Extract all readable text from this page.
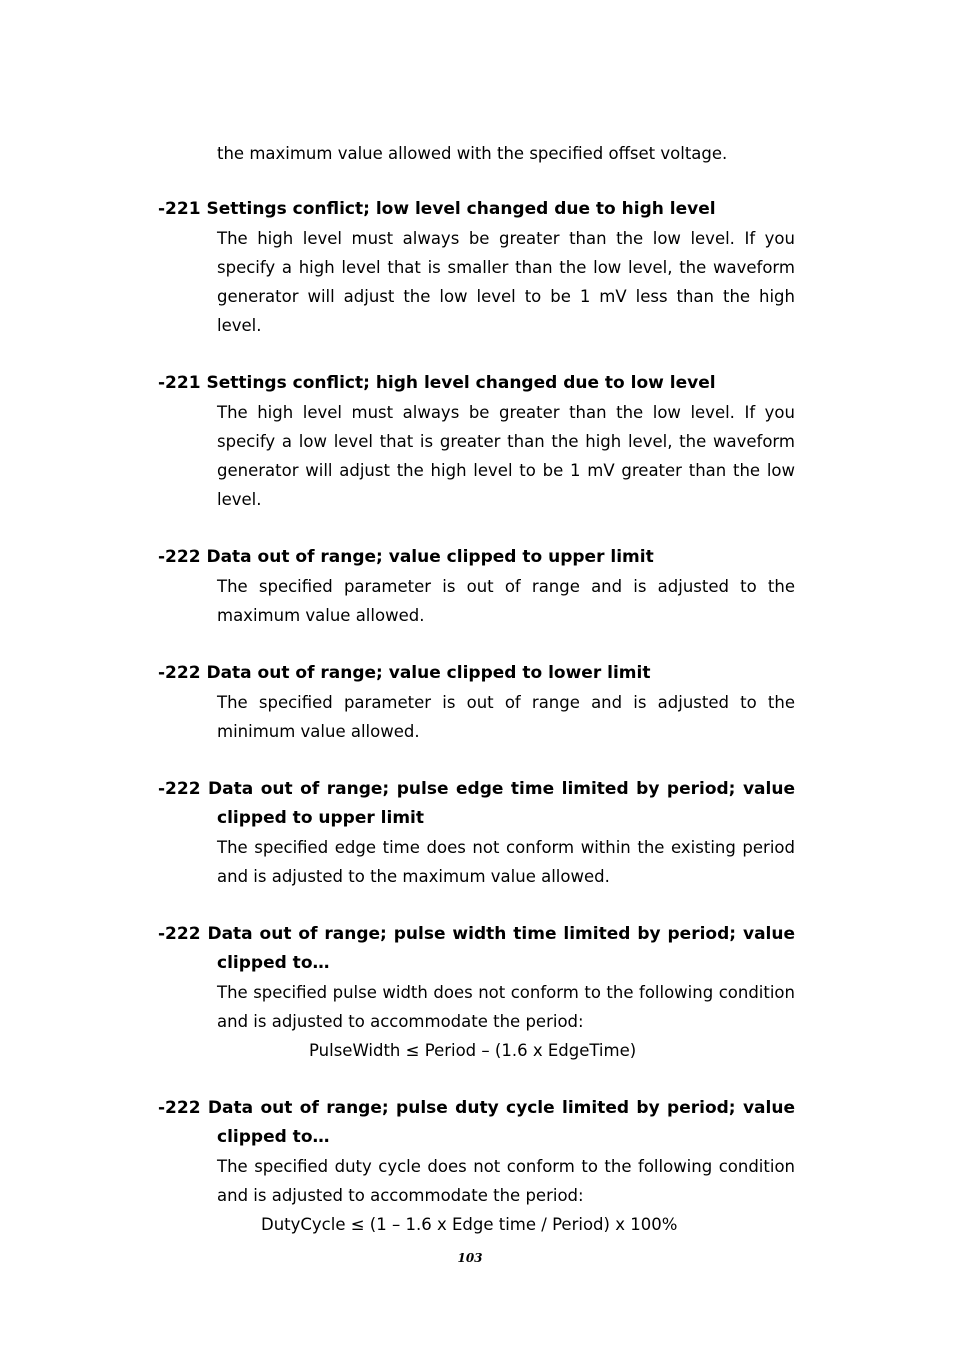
the maximum value allowed with the specified offset voltage.
-221 Settings conflict; low level changed due to high level
The high level must always be greater than the low level. If you specify a high level that is smaller than the low level, the waveform generator will adjust the low level to be 1 mV less than the high level.
-221 Settings conflict; high level changed due to low level
The high level must always be greater than the low level. If you specify a low level that is greater than the high level, the waveform generator will adjust the high level to be 1 mV greater than the low level.
-222 Data out of range; value clipped to upper limit
The specified parameter is out of range and is adjusted to the maximum value allowed.
-222 Data out of range; value clipped to lower limit
The specified parameter is out of range and is adjusted to the minimum value allowed.
-222 Data out of range; pulse edge time limited by period; value clipped to upper limit
The specified edge time does not conform within the existing period and is adjusted to the maximum value allowed.
-222 Data out of range; pulse width time limited by period; value clipped to…
The specified pulse width does not conform to the following condition and is adjusted to accommodate the period:
PulseWidth ≤ Period – (1.6 x EdgeTime)
-222 Data out of range; pulse duty cycle limited by period; value clipped to…
The specified duty cycle does not conform to the following condition and is adjusted to accommodate the period:
DutyCycle ≤ (1 – 1.6 x Edge time / Period) x 100%
103
